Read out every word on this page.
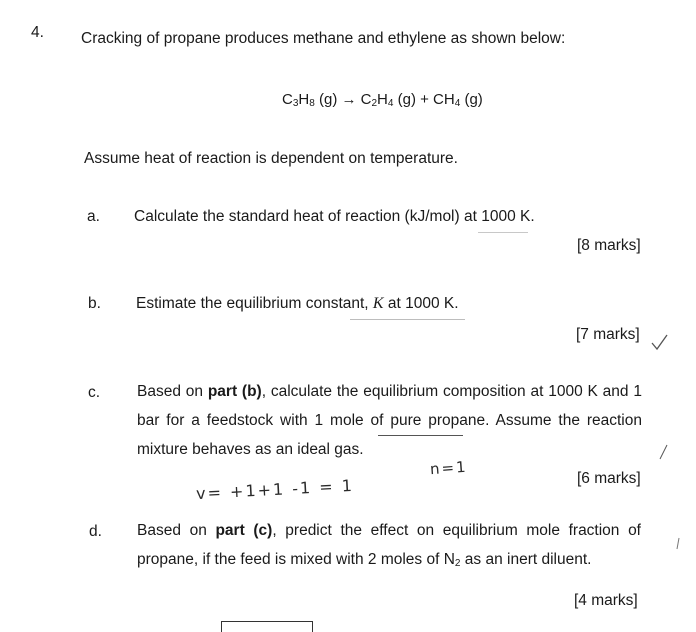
4. Cracking of propane produces methane and ethylene as shown below:
$C_3H_8$ $(g) \to C_2H_4$ $(g) + CH_4$ (g)
Assume heat of reaction is dependent on temperature.
a. Calculate the standard heat of reaction (kJ/mol) at 1000 K.
[8 marks]
b. Estimate the equilibrium constant, K at 1000 K.
[7 marks]
c. Based on part (b), calculate the equilibrium composition at 1000 K and 1 bar for a feedstock with 1 mole of pure propane. Assume the reaction mixture behaves as an ideal gas.
n=1
[6 marks]
v= +1+1 -1 = 1
d. Based on part (c), predict the effect on equilibrium mole fraction of propane, if the feed is mixed with 2 moles of $N_2$ as an inert diluent.
[4 marks]
